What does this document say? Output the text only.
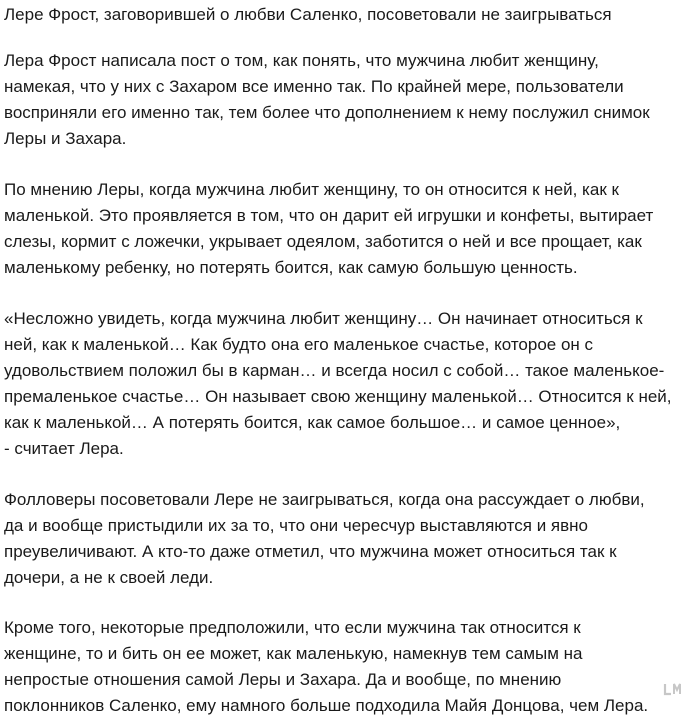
Лере Фрост, заговорившей о любви Саленко, посоветовали не заигрываться

Лера Фрост написала пост о том, как понять, что мужчина любит женщину,
намекая, что у них с Захаром все именно так. По крайней мере, пользователи
восприняли его именно так, тем более что дополнением к нему послужил снимок
Леры и Захара.

По мнению Леры, когда мужчина любит женщину, то он относится к ней, как к
маленькой. Это проявляется в том, что он дарит ей игрушки и конфеты, вытирает
слезы, кормит с ложечки, укрывает одеялом, заботится о ней и все прощает, как
маленькому ребенку, но потерять боится, как самую большую ценность.

«Несложно увидеть, когда мужчина любит женщину… Он начинает относиться к
ней, как к маленькой… Как будто она его маленькое счастье, которое он с
удовольствием положил бы в карман… и всегда носил с собой… такое маленькое-
премаленькое счастье… Он называет свою женщину маленькой… Относится к ней,
как к маленькой… А потерять боится, как самое большое… и самое ценное»,
- считает Лера.

Фолловеры посоветовали Лере не заигрываться, когда она рассуждает о любви,
да и вообще пристыдили их за то, что они чересчур выставляются и явно
преувеличивают. А кто-то даже отметил, что мужчина может относиться так к
дочери, а не к своей леди.

Кроме того, некоторые предположили, что если мужчина так относится к
женщине, то и бить он ее может, как маленькую, намекнув тем самым на
непростые отношения самой Леры и Захара. Да и вообще, по мнению
поклонников Саленко, ему намного больше подходила Майя Донцова, чем Лера.
